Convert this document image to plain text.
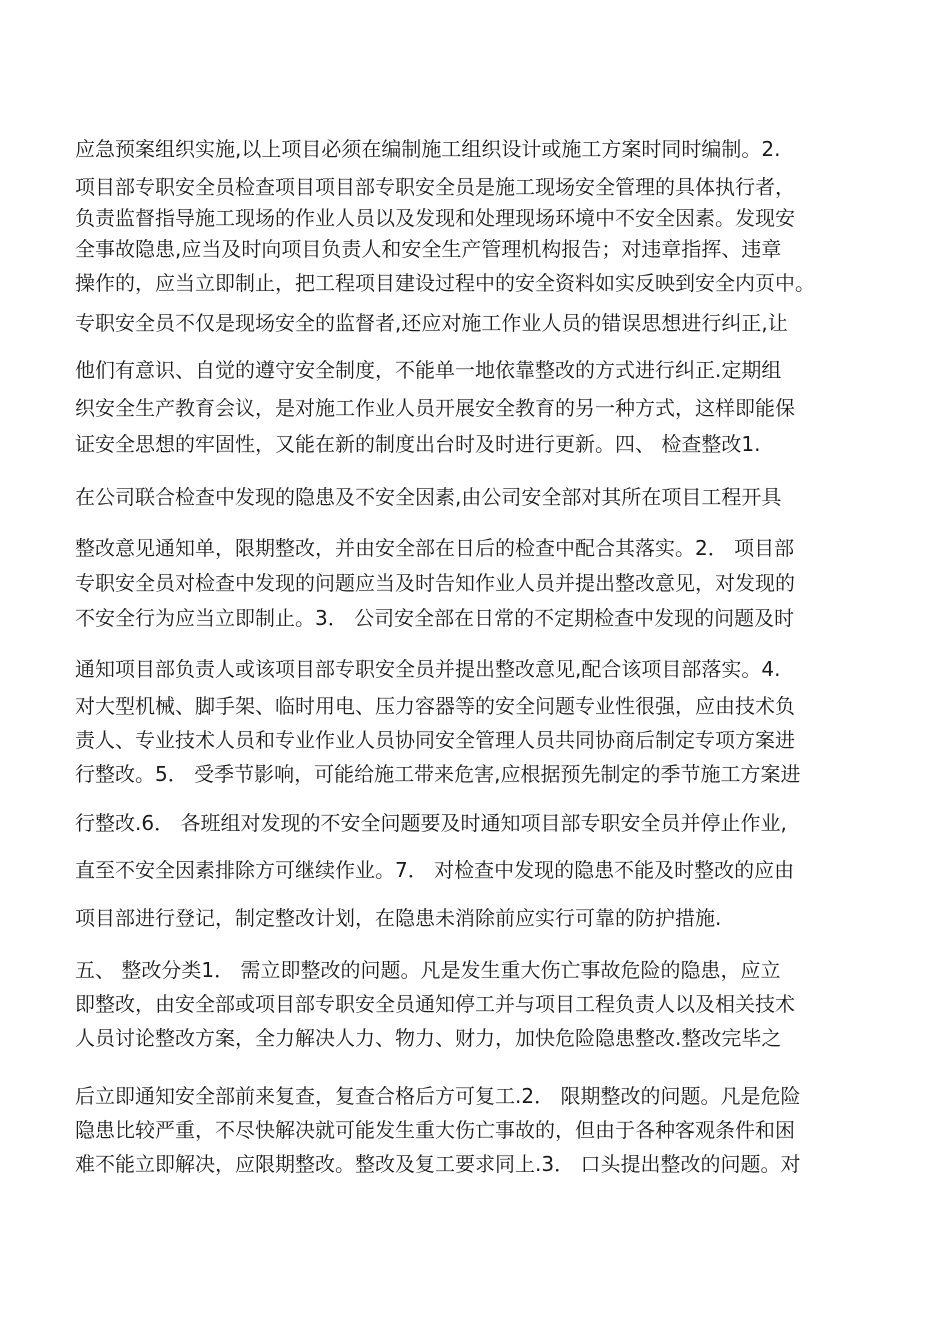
应急预案组织实施,以上项目必须在编制施工组织设计或施工方案时同时编制。2.
项目部专职安全员检查项目项目部专职安全员是施工现场安全管理的具体执行者，
负责监督指导施工现场的作业人员以及发现和处理现场环境中不安全因素。发现安
全事故隐患,应当及时向项目负责人和安全生产管理机构报告；对违章指挥、违章
操作的，应当立即制止，把工程项目建设过程中的安全资料如实反映到安全内页中。
专职安全员不仅是现场安全的监督者,还应对施工作业人员的错误思想进行纠正,让
他们有意识、自觉的遵守安全制度，不能单一地依靠整改的方式进行纠正.定期组
织安全生产教育会议，是对施工作业人员开展安全教育的另一种方式，这样即能保
证安全思想的牢固性，又能在新的制度出台时及时进行更新。四、 检查整改1.
在公司联合检查中发现的隐患及不安全因素,由公司安全部对其所在项目工程开具
整改意见通知单，限期整改，并由安全部在日后的检查中配合其落实。2． 项目部
专职安全员对检查中发现的问题应当及时告知作业人员并提出整改意见，对发现的
不安全行为应当立即制止。3． 公司安全部在日常的不定期检查中发现的问题及时
通知项目部负责人或该项目部专职安全员并提出整改意见,配合该项目部落实。4.
对大型机械、脚手架、临时用电、压力容器等的安全问题专业性很强，应由技术负
责人、专业技术人员和专业作业人员协同安全管理人员共同协商后制定专项方案进
行整改。5． 受季节影响，可能给施工带来危害,应根据预先制定的季节施工方案进
行整改.6． 各班组对发现的不安全问题要及时通知项目部专职安全员并停止作业,
直至不安全因素排除方可继续作业。7． 对检查中发现的隐患不能及时整改的应由
项目部进行登记，制定整改计划，在隐患未消除前应实行可靠的防护措施.
五、 整改分类1． 需立即整改的问题。凡是发生重大伤亡事故危险的隐患，应立
即整改，由安全部或项目部专职安全员通知停工并与项目工程负责人以及相关技术
人员讨论整改方案，全力解决人力、物力、财力，加快危险隐患整改.整改完毕之
后立即通知安全部前来复查，复查合格后方可复工.2． 限期整改的问题。凡是危险
隐患比较严重，不尽快解决就可能发生重大伤亡事故的，但由于各种客观条件和困
难不能立即解决，应限期整改。整改及复工要求同上.3． 口头提出整改的问题。对
